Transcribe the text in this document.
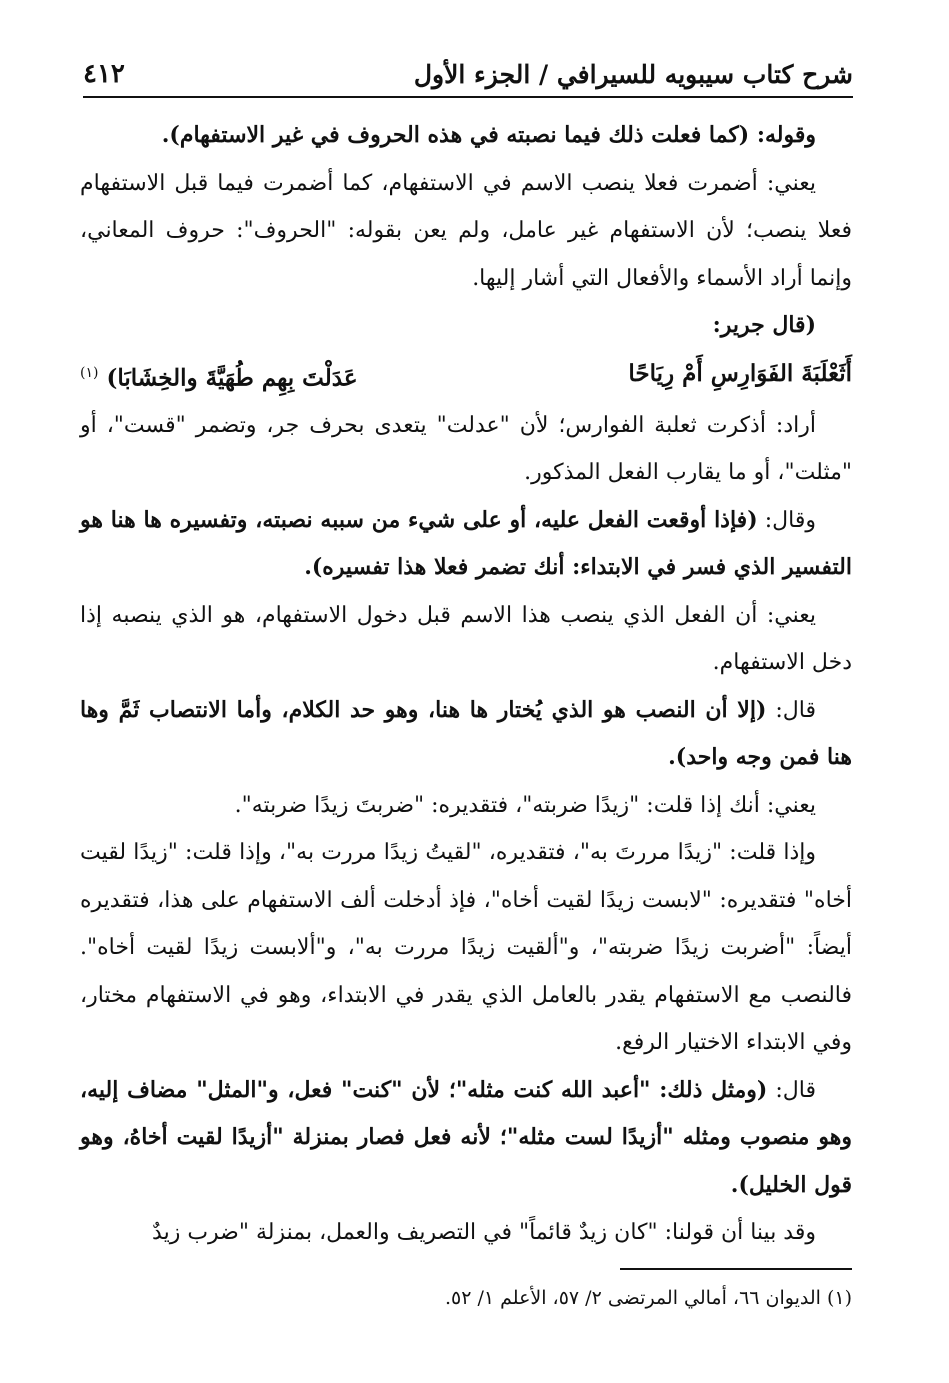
شرح كتاب سيبويه للسيرافي / الجزء الأول
٤١٢

وقوله: (كما فعلت ذلك فيما نصبته في هذه الحروف في غير الاستفهام).

يعني: أضمرت فعلا ينصب الاسم في الاستفهام، كما أضمرت فيما قبل الاستفهام فعلا ينصب؛ لأن الاستفهام غير عامل، ولم يعن بقوله: "الحروف": حروف المعاني، وإنما أراد الأسماء والأفعال التي أشار إليها.

(قال جرير:

أَثَعْلَبَةَ الفَوَارِسِ أَمْ رِيَاحًا
عَدَلْتَ بِهِم طُهَيَّةَ والخِشَابَا) $^{(١)}$

أراد: أذكرت ثعلبة الفوارس؛ لأن "عدلت" يتعدى بحرف جر، وتضمر "قست"، أو "مثلت"، أو ما يقارب الفعل المذكور.

وقال: (فإذا أوقعت الفعل عليه، أو على شيء من سببه نصبته، وتفسيره ها هنا هو التفسير الذي فسر في الابتداء: أنك تضمر فعلا هذا تفسيره).

يعني: أن الفعل الذي ينصب هذا الاسم قبل دخول الاستفهام، هو الذي ينصبه إذا دخل الاستفهام.

قال: (إلا أن النصب هو الذي يُختار ها هنا، وهو حد الكلام، وأما الانتصاب ثَمَّ وها هنا فمن وجه واحد).

يعني: أنك إذا قلت: "زيدًا ضربته"، فتقديره: "ضربتَ زيدًا ضربته".

وإذا قلت: "زيدًا مررتَ به"، فتقديره، "لقيتُ زيدًا مررت به"، وإذا قلت: "زيدًا لقيت أخاه" فتقديره: "لابست زيدًا لقيت أخاه"، فإذ أدخلت ألف الاستفهام على هذا، فتقديره أيضاً: "أضربت زيدًا ضربته"، و"ألقيت زيدًا مررت به"، و"ألابست زيدًا لقيت أخاه". فالنصب مع الاستفهام يقدر بالعامل الذي يقدر في الابتداء، وهو في الاستفهام مختار، وفي الابتداء الاختيار الرفع.

قال: (ومثل ذلك: "أعبد الله كنت مثله"؛ لأن "كنت" فعل، و"المثل" مضاف إليه، وهو منصوب ومثله "أزيدًا لست مثله"؛ لأنه فعل فصار بمنزلة "أزيدًا لقيت أخاهُ، وهو قول الخليل).

وقد بينا أن قولنا: "كان زيدٌ قائماً" في التصريف والعمل، بمنزلة "ضرب زيدٌ

(١) الديوان ٦٦، أمالي المرتضى ٢/ ٥٧، الأعلم ١/ ٥٢.
